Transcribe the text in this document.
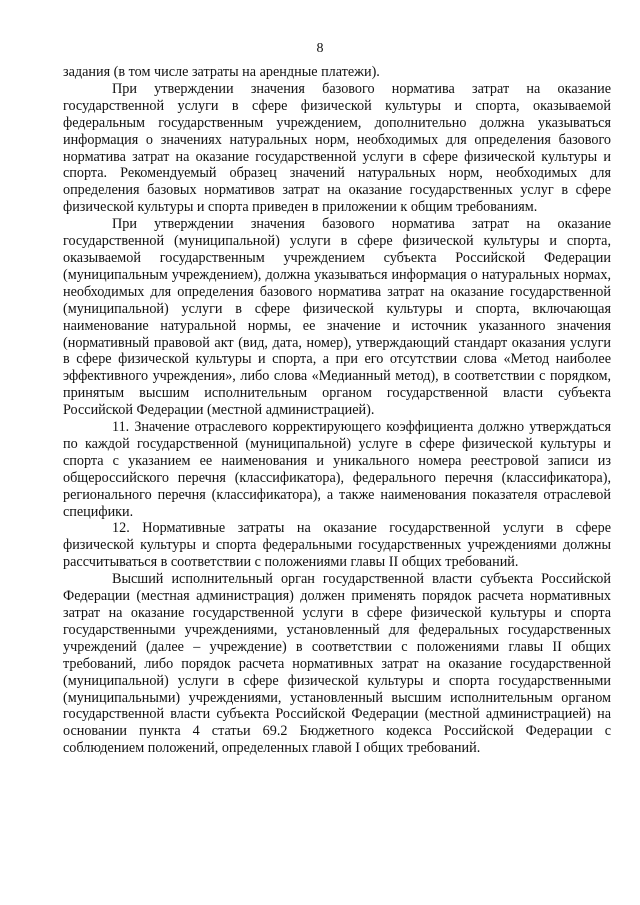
8

задания (в том числе затраты на арендные платежи).

При утверждении значения базового норматива затрат на оказание государственной услуги в сфере физической культуры и спорта, оказываемой федеральным государственным учреждением, дополнительно должна указываться информация о значениях натуральных норм, необходимых для определения базового норматива затрат на оказание государственной услуги в сфере физической культуры и спорта. Рекомендуемый образец значений натуральных норм, необходимых для определения базовых нормативов затрат на оказание государственных услуг в сфере физической культуры и спорта приведен в приложении к общим требованиям.

При утверждении значения базового норматива затрат на оказание государственной (муниципальной) услуги в сфере физической культуры и спорта, оказываемой государственным учреждением субъекта Российской Федерации (муниципальным учреждением), должна указываться информация о натуральных нормах, необходимых для определения базового норматива затрат на оказание государственной (муниципальной) услуги в сфере физической культуры и спорта, включающая наименование натуральной нормы, ее значение и источник указанного значения (нормативный правовой акт (вид, дата, номер), утверждающий стандарт оказания услуги в сфере физической культуры и спорта, а при его отсутствии слова «Метод наиболее эффективного учреждения», либо слова «Медианный метод), в соответствии с порядком, принятым высшим исполнительным органом государственной власти субъекта Российской Федерации (местной администрацией).

11. Значение отраслевого корректирующего коэффициента должно утверждаться по каждой государственной (муниципальной) услуге в сфере физической культуры и спорта с указанием ее наименования и уникального номера реестровой записи из общероссийского перечня (классификатора), федерального перечня (классификатора), регионального перечня (классификатора), а также наименования показателя отраслевой специфики.

12. Нормативные затраты на оказание государственной услуги в сфере физической культуры и спорта федеральными государственных учреждениями должны рассчитываться в соответствии с положениями главы II общих требований.

Высший исполнительный орган государственной власти субъекта Российской Федерации (местная администрация) должен применять порядок расчета нормативных затрат на оказание государственной услуги в сфере физической культуры и спорта государственными учреждениями, установленный для федеральных государственных учреждений (далее – учреждение) в соответствии с положениями главы II общих требований, либо порядок расчета нормативных затрат на оказание государственной (муниципальной) услуги в сфере физической культуры и спорта государственными (муниципальными) учреждениями, установленный высшим исполнительным органом государственной власти субъекта Российской Федерации (местной администрацией) на основании пункта 4 статьи 69.2 Бюджетного кодекса Российской Федерации с соблюдением положений, определенных главой I общих требований.
